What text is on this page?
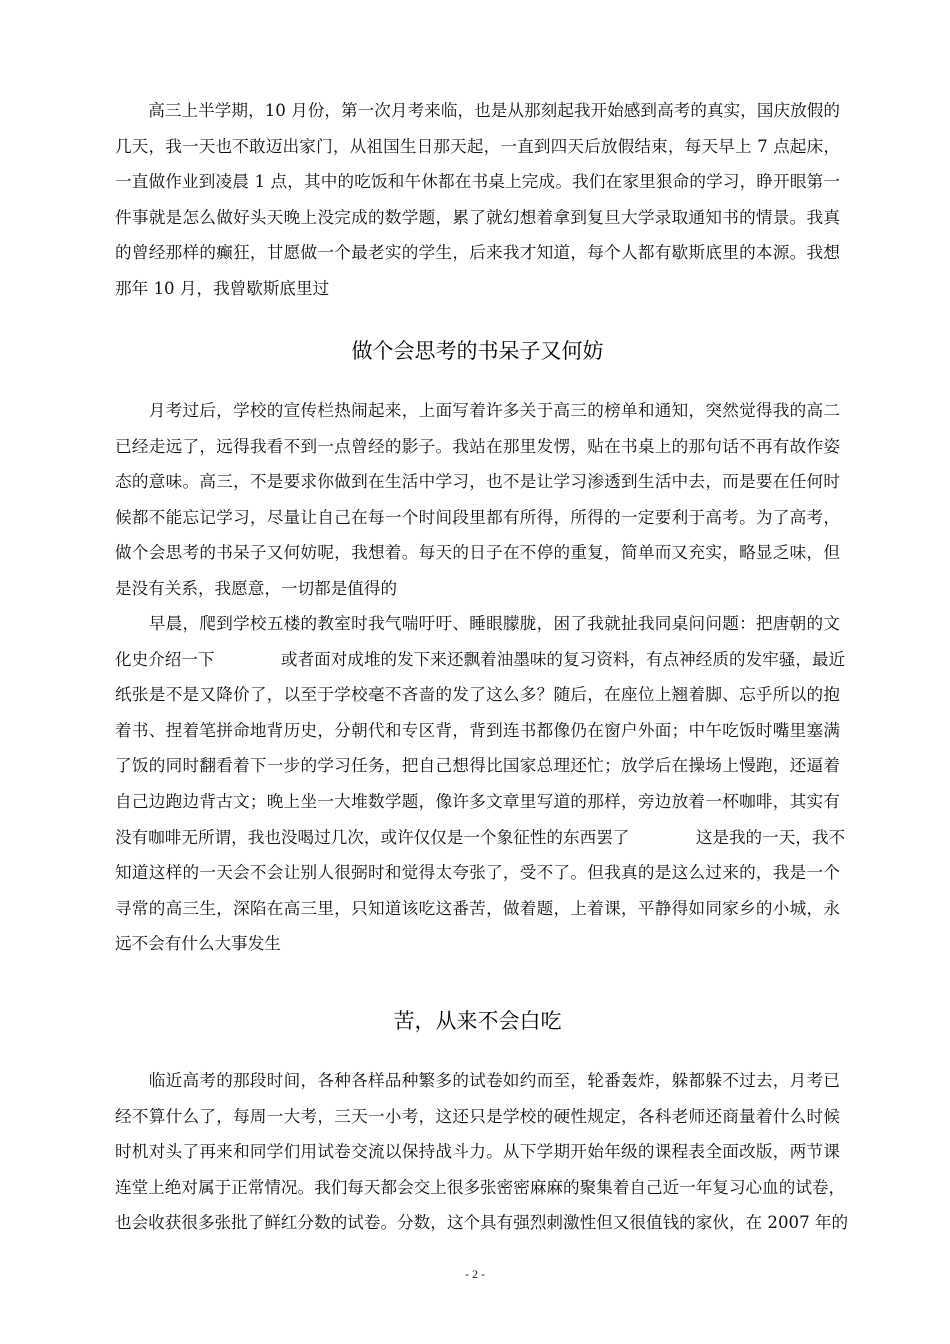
　　高三上半学期，10 月份，第一次月考来临，也是从那刻起我开始感到高考的真实，国庆放假的
几天，我一天也不敢迈出家门，从祖国生日那天起，一直到四天后放假结束，每天早上 7 点起床，
一直做作业到凌晨 1 点，其中的吃饭和午休都在书桌上完成。我们在家里狠命的学习，睁开眼第一
件事就是怎么做好头天晚上没完成的数学题，累了就幻想着拿到复旦大学录取通知书的情景。我真
的曾经那样的癫狂，甘愿做一个最老实的学生，后来我才知道，每个人都有歇斯底里的本源。我想
那年 10 月，我曾歇斯底里过
做个会思考的书呆子又何妨
　　月考过后，学校的宣传栏热闹起来，上面写着许多关于高三的榜单和通知，突然觉得我的高二
已经走远了，远得我看不到一点曾经的影子。我站在那里发愣，贴在书桌上的那句话不再有故作姿
态的意味。高三，不是要求你做到在生活中学习，也不是让学习渗透到生活中去，而是要在任何时
候都不能忘记学习，尽量让自己在每一个时间段里都有所得，所得的一定要利于高考。为了高考，
做个会思考的书呆子又何妨呢，我想着。每天的日子在不停的重复，简单而又充实，略显乏味，但
是没有关系，我愿意，一切都是值得的
　　早晨，爬到学校五楼的教室时我气喘吁吁、睡眼朦胧，困了我就扯我同桌问问题：把唐朝的文
化史介绍一下　　　　或者面对成堆的发下来还飘着油墨味的复习资料，有点神经质的发牢骚，最近
纸张是不是又降价了，以至于学校毫不吝啬的发了这么多？随后，在座位上翘着脚、忘乎所以的抱
着书、捏着笔拼命地背历史，分朝代和专区背，背到连书都像仍在窗户外面；中午吃饭时嘴里塞满
了饭的同时翻看着下一步的学习任务，把自己想得比国家总理还忙；放学后在操场上慢跑，还逼着
自己边跑边背古文；晚上坐一大堆数学题，像许多文章里写道的那样，旁边放着一杯咖啡，其实有
没有咖啡无所谓，我也没喝过几次，或许仅仅是一个象征性的东西罢了　　　　这是我的一天，我不
知道这样的一天会不会让别人很弼时和觉得太夸张了，受不了。但我真的是这么过来的，我是一个
寻常的高三生，深陷在高三里，只知道该吃这番苦，做着题，上着课，平静得如同家乡的小城，永
远不会有什么大事发生
苦，从来不会白吃
　　临近高考的那段时间，各种各样品种繁多的试卷如约而至，轮番轰炸，躲都躲不过去，月考已
经不算什么了，每周一大考，三天一小考，这还只是学校的硬性规定，各科老师还商量着什么时候
时机对头了再来和同学们用试卷交流以保持战斗力。从下学期开始年级的课程表全面改版，两节课
连堂上绝对属于正常情况。我们每天都会交上很多张密密麻麻的聚集着自己近一年复习心血的试卷，
也会收获很多张批了鲜红分数的试卷。分数，这个具有强烈刺激性但又很值钱的家伙，在 2007 年的
- 2 -
